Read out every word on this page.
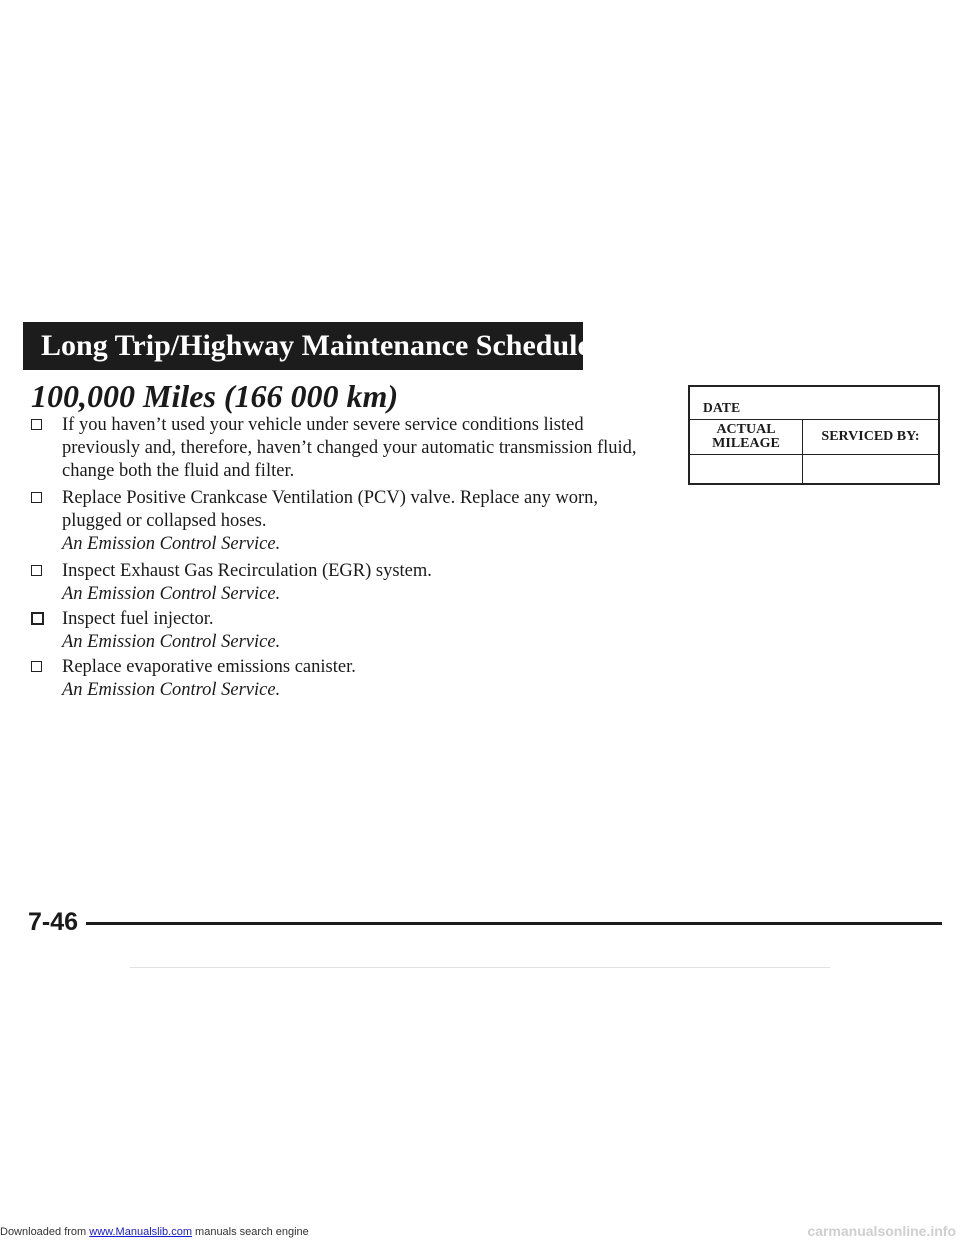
Long Trip/Highway Maintenance Schedule
100,000 Miles (166 000 km)
If you haven’t used your vehicle under severe service conditions listed
previously and, therefore, haven’t changed your automatic transmission fluid,
change both the fluid and filter.
Replace Positive Crankcase Ventilation (PCV) valve. Replace any worn,
plugged or collapsed hoses.
An Emission Control Service.
Inspect Exhaust Gas Recirculation (EGR) system.
An Emission Control Service.
Inspect fuel injector.
An Emission Control Service.
Replace evaporative emissions canister.
An Emission Control Service.
DATE	
ACTUAL
MILEAGE	SERVICED BY:

7-46
Downloaded from www.Manualslib.com manuals search engine	carmanualsonline.info
